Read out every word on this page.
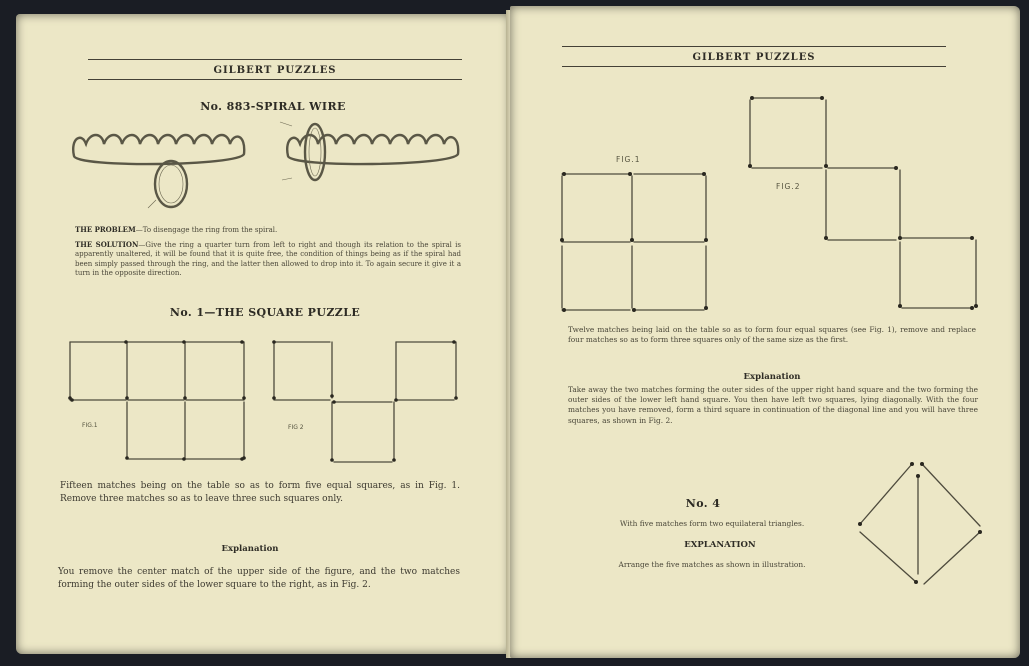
GILBERT PUZZLES
No. 883-SPIRAL WIRE
THE PROBLEM—To disengage the ring from the spiral.
THE SOLUTION—Give the ring a quarter turn from left to right and though its relation to the spiral is apparently unaltered, it will be found that it is quite free, the condition of things being as if the spiral had been simply passed through the ring, and the latter then allowed to drop into it. To again secure it give it a turn in the opposite direction.
No. 1—THE SQUARE PUZZLE
FIG.1	FIG 2
Fifteen matches being on the table so as to form five equal squares, as in Fig. 1. Remove three matches so as to leave three such squares only.
Explanation
You remove the center match of the upper side of the figure, and the two matches forming the outer sides of the lower square to the right, as in Fig. 2.
GILBERT PUZZLES
FIG.1
FIG.2
Twelve matches being laid on the table so as to form four equal squares (see Fig. 1), remove and replace four matches so as to form three squares only of the same size as the first.
Explanation
Take away the two matches forming the outer sides of the upper right hand square and the two forming the outer sides of the lower left hand square. You then have left two squares, lying diagonally. With the four matches you have removed, form a third square in continuation of the diagonal line and you will have three squares, as shown in Fig. 2.
No. 4
With five matches form two equilateral triangles.
EXPLANATION
Arrange the five matches as shown in illustration.
